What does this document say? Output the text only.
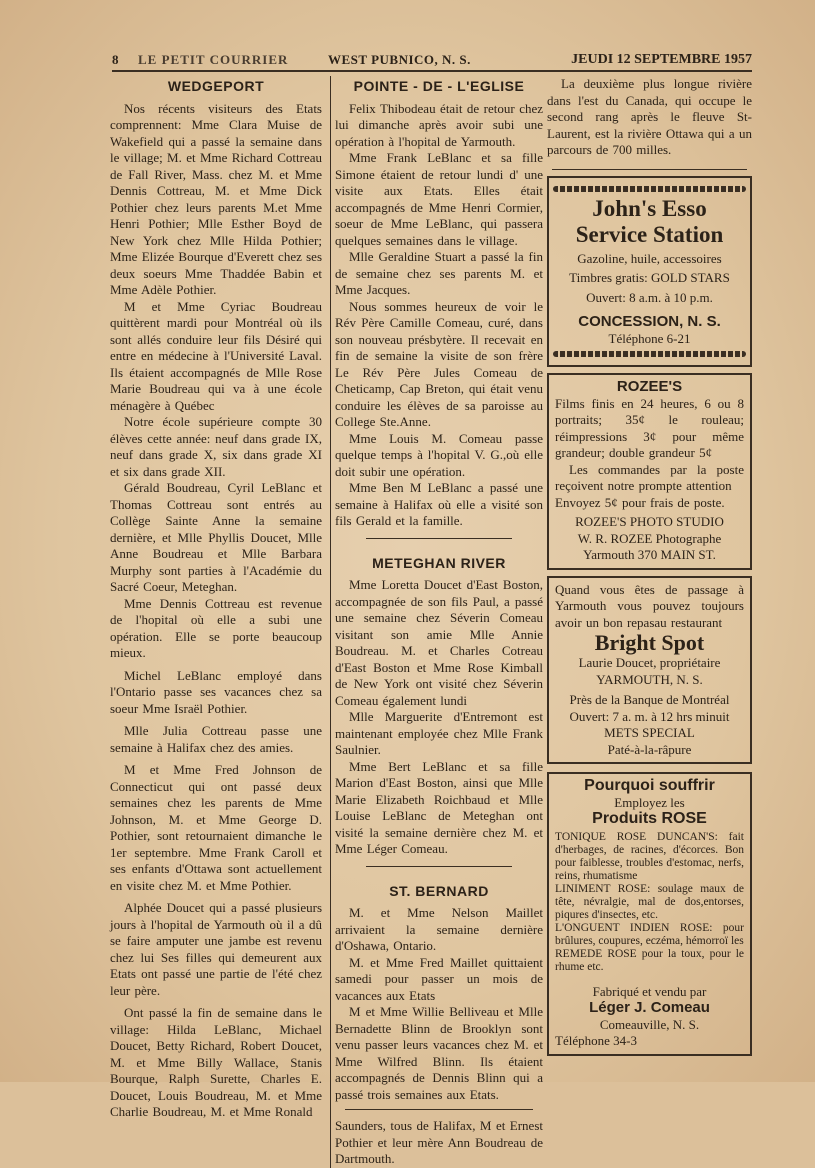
8	LE PETIT COURRIER	WEST PUBNICO, N. S.	JEUDI 12 SEPTEMBRE 1957
WEDGEPORT

Nos récents visiteurs des Etats comprennent: Mme Clara Muise de Wakefield qui a passé la semaine dans le village; M. et Mme Richard Cottreau de Fall River, Mass. chez M. et Mme Dennis Cottreau, M. et Mme Dick Pothier chez leurs parents M.et Mme Henri Pothier; Mlle Esther Boyd de New York chez Mlle Hilda Pothier; Mme Elizée Bourque d'Everett chez ses deux soeurs Mme Thaddée Babin et Mme Adèle Pothier.

M et Mme Cyriac Boudreau quittèrent mardi pour Montréal où ils sont allés conduire leur fils Désiré qui entre en médecine à l'Université Laval. Ils étaient accompagnés de Mlle Rose Marie Boudreau qui va à une école ménagère à Québec

Notre école supérieure compte 30 élèves cette année: neuf dans grade IX, neuf dans grade X, six dans grade XI et six dans grade XII.

Gérald Boudreau, Cyril LeBlanc et Thomas Cottreau sont entrés au Collège Sainte Anne la semaine dernière, et Mlle Phyllis Doucet, Mlle Anne Boudreau et Mlle Barbara Murphy sont parties à l'Académie du Sacré Coeur, Meteghan.

Mme Dennis Cottreau est revenue de l'hopital où elle a subi une opération. Elle se porte beaucoup mieux.

Michel LeBlanc employé dans l'Ontario passe ses vacances chez sa soeur Mme Israël Pothier.

Mlle Julia Cottreau passe une semaine à Halifax chez des amies.

M et Mme Fred Johnson de Connecticut qui ont passé deux semaines chez les parents de Mme Johnson, M. et Mme George D. Pothier, sont retournaient dimanche le 1er septembre. Mme Frank Caroll et ses enfants d'Ottawa sont actuellement en visite chez M. et Mme Pothier.

Alphée Doucet qui a passé plusieurs jours à l'hopital de Yarmouth où il a dû se faire amputer une jambe est revenu chez lui Ses filles qui demeurent aux Etats ont passé une partie de l'été chez leur père.

Ont passé la fin de semaine dans le village: Hilda LeBlanc, Michael Doucet, Betty Richard, Robert Doucet, M. et Mme Billy Wallace, Stanis Bourque, Ralph Surette, Charles E. Doucet, Louis Boudreau, M. et Mme Charlie Boudreau, M. et Mme Ronald

POINTE - DE - L'EGLISE

Felix Thibodeau était de retour chez lui dimanche après avoir subi une opération à l'hopital de Yarmouth.

Mme Frank LeBlanc et sa fille Simone étaient de retour lundi d' une visite aux Etats. Elles était accompagnés de Mme Henri Cormier, soeur de Mme LeBlanc, qui passera quelques semaines dans le village.

Mlle Geraldine Stuart a passé la fin de semaine chez ses parents M. et Mme Jacques.

Nous sommes heureux de voir le Rév Père Camille Comeau, curé, dans son nouveau présbytère. Il recevait en fin de semaine la visite de son frère Le Rév Père Jules Comeau de Cheticamp, Cap Breton, qui était venu conduire les élèves de sa paroisse au College Ste.Anne.

Mme Louis M. Comeau passe quelque temps à l'hopital V. G.,où elle doit subir une opération.

Mme Ben M LeBlanc a passé une semaine à Halifax où elle a visité son fils Gerald et la famille.

METEGHAN RIVER

Mme Loretta Doucet d'East Boston, accompagnée de son fils Paul, a passé une semaine chez Séverin Comeau visitant son amie Mlle Annie Boudreau. M. et Charles Cotreau d'East Boston et Mme Rose Kimball de New York ont visité chez Séverin Comeau également lundi

Mlle Marguerite d'Entremont est maintenant employée chez Mlle Frank Saulnier.

Mme Bert LeBlanc et sa fille Marion d'East Boston, ainsi que Mlle Marie Elizabeth Roichbaud et Mlle Louise LeBlanc de Meteghan ont visité la semaine dernière chez M. et Mme Léger Comeau.

ST. BERNARD

M. et Mme Nelson Maillet arrivaient la semaine dernière d'Oshawa, Ontario.

M. et Mme Fred Maillet quittaient samedi pour passer un mois de vacances aux Etats

M et Mme Willie Belliveau et Mlle Bernadette Blinn de Brooklyn sont venu passer leurs vacances chez M. et Mme Wilfred Blinn. Ils étaient accompagnés de Dennis Blinn qui a passé trois semaines aux Etats.

Saunders, tous de Halifax, M et Ernest Pothier et leur mère Ann Boudreau de Dartmouth.

La deuxième plus longue rivière dans l'est du Canada, qui occupe le second rang après le fleuve St-Laurent, est la rivière Ottawa qui a un parcours de 700 milles.

John's Esso Service Station
Gazoline, huile, accessoires
Timbres gratis: GOLD STARS
Ouvert: 8 a.m. à 10 p.m.
CONCESSION, N. S.
Téléphone 6-21
ROZEE'S

Films finis en 24 heures, 6 ou 8 portraits; 35¢ le rouleau; réimpressions 3¢ pour même grandeur; double grandeur 5¢

Les commandes par la poste reçoivent notre prompte attention

Envoyez 5¢ pour frais de poste.

ROZEE'S PHOTO STUDIO
W. R. ROZEE Photographe
Yarmouth 370 MAIN ST.

Quand vous êtes de passage à Yarmouth vous pouvez toujours avoir un bon repasau restaurant

Bright Spot
Laurie Doucet, propriétaire
YARMOUTH, N. S.
Près de la Banque de Montréal
Ouvert: 7 a. m. à 12 hrs minuit
METS SPECIAL
Paté-à-la-râpure
Pourquoi souffrir
Employez les
Produits ROSE
TONIQUE ROSE DUNCAN'S: fait d'herbages, de racines, d'écorces. Bon pour faiblesse, troubles d'estomac, nerfs, reins, rhumatisme
LINIMENT ROSE: soulage maux de tête, névralgie, mal de dos,entorses, piqures d'insectes, etc.
L'ONGUENT INDIEN ROSE: pour brûlures, coupures, eczéma, hémorroï les
REMEDE ROSE pour la toux, pour le rhume etc.
Fabriqué et vendu par
Léger J. Comeau
Comeauville, N. S.
Téléphone 34-3
